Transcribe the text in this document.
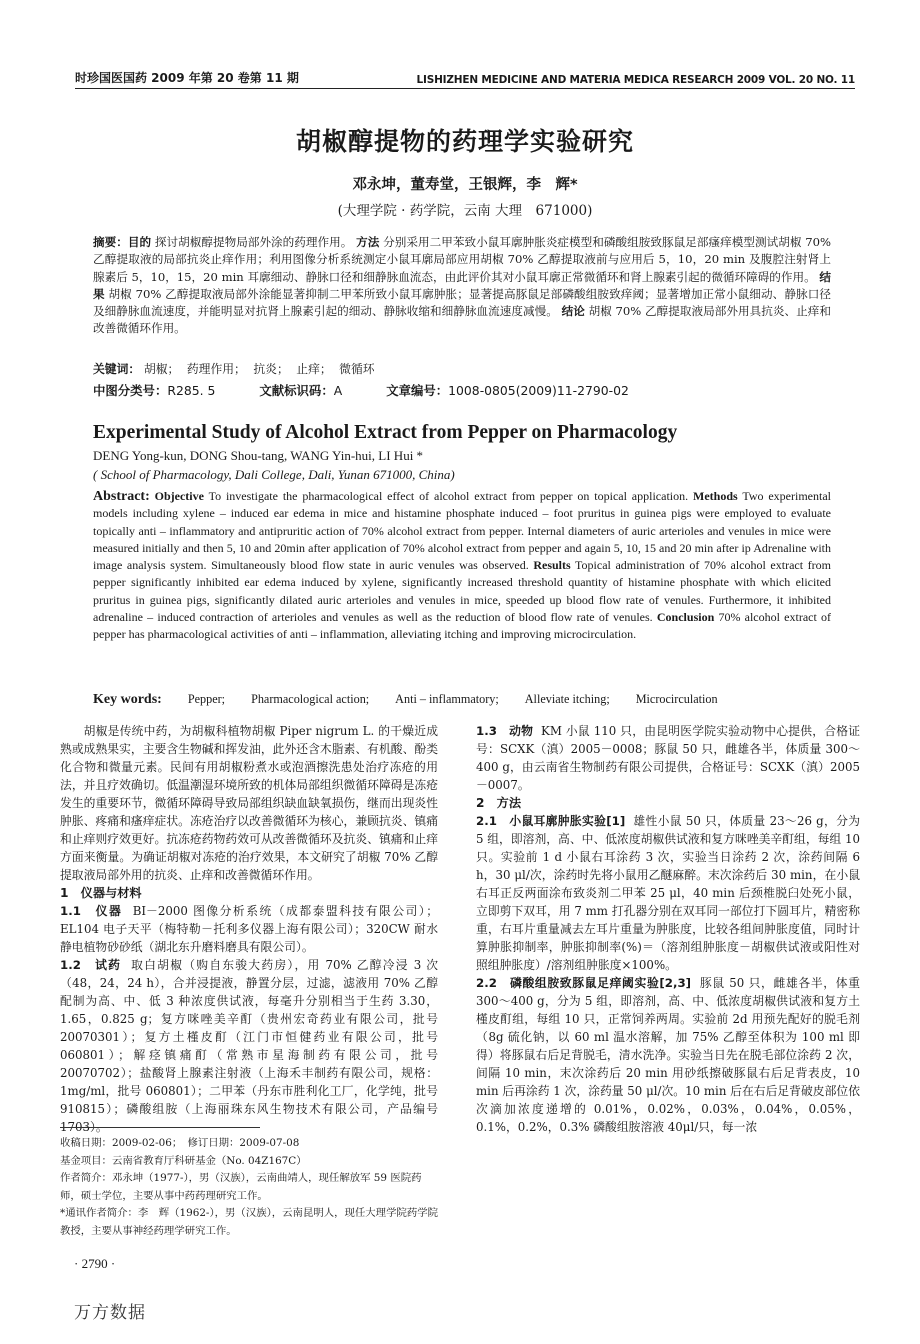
时珍国医国药 2009 年第 20 卷第 11 期	LISHIZHEN MEDICINE AND MATERIA MEDICA RESEARCH 2009 VOL. 20 NO. 11
胡椒醇提物的药理学实验研究
邓永坤，董寿堂，王银辉，李　辉*
(大理学院 · 药学院，云南 大理　671000)
摘要：目的 探讨胡椒醇提物局部外涂的药理作用。 方法 分别采用二甲苯致小鼠耳廓肿胀炎症模型和磷酸组胺致豚鼠足部瘙痒模型测试胡椒 70% 乙醇提取液的局部抗炎止痒作用；利用图像分析系统测定小鼠耳廓局部应用胡椒 70% 乙醇提取液前与应用后 5，10，20 min 及腹腔注射肾上腺素后 5，10，15，20 min 耳廓细动、静脉口径和细静脉血流态，由此评价其对小鼠耳廓正常微循环和肾上腺素引起的微循环障碍的作用。 结果 胡椒 70% 乙醇提取液局部外涂能显著抑制二甲苯所致小鼠耳廓肿胀；显著提高豚鼠足部磷酸组胺致痒阈；显著增加正常小鼠细动、静脉口径及细静脉血流速度，并能明显对抗肾上腺素引起的细动、静脉收缩和细静脉血流速度减慢。 结论 胡椒 70% 乙醇提取液局部外用具抗炎、止痒和改善微循环作用。
关键词： 胡椒； 药理作用； 抗炎； 止痒； 微循环
中图分类号：R285. 5	文献标识码：A	文章编号：1008-0805(2009)11-2790-02
Experimental Study of Alcohol Extract from Pepper on Pharmacology
DENG Yong-kun, DONG Shou-tang, WANG Yin-hui, LI Hui *
( School of Pharmacology, Dali College, Dali, Yunan 671000, China)
Abstract: Objective To investigate the pharmacological effect of alcohol extract from pepper on topical application. Methods Two experimental models including xylene – induced ear edema in mice and histamine phosphate induced – foot pruritus in guinea pigs were employed to evaluate topically anti – inflammatory and antipruritic action of 70% alcohol extract from pepper. Internal diameters of auric arterioles and venules in mice were measured initially and then 5, 10 and 20min after application of 70% alcohol extract from pepper and again 5, 10, 15 and 20 min after ip Adrenaline with image analysis system. Simultaneously blood flow state in auric venules was observed. Results Topical administration of 70% alcohol extract from pepper significantly inhibited ear edema induced by xylene, significantly increased threshold quantity of histamine phosphate with which elicited pruritus in guinea pigs, significantly dilated auric arterioles and venules in mice, speeded up blood flow rate of venules. Furthermore, it inhibited adrenaline – induced contraction of arterioles and venules as well as the reduction of blood flow rate of venules. Conclusion 70% alcohol extract of pepper has pharmacological activities of anti – inflammation, alleviating itching and improving microcirculation.
Key words: Pepper; Pharmacological action; Anti – inflammatory; Alleviate itching; Microcirculation

胡椒是传统中药，为胡椒科植物胡椒 Piper nigrum L. 的干燥近成熟或成熟果实，主要含生物碱和挥发油，此外还含木脂素、有机酸、酚类化合物和微量元素。民间有用胡椒粉煮水或泡酒擦洗患处治疗冻疮的用法，并且疗效确切。低温潮湿环境所致的机体局部组织微循环障碍是冻疮发生的重要环节，微循环障碍导致局部组织缺血缺氧损伤，继而出现炎性肿胀、疼痛和瘙痒症状。冻疮治疗以改善微循环为核心，兼顾抗炎、镇痛和止痒则疗效更好。抗冻疮药物药效可从改善微循环及抗炎、镇痛和止痒方面来衡量。为确证胡椒对冻疮的治疗效果，本文研究了胡椒 70% 乙醇提取液局部外用的抗炎、止痒和改善微循环作用。

1　仪器与材料

1.1　仪器 BI－2000 图像分析系统（成都泰盟科技有限公司）；EL104 电子天平（梅特勒－托利多仪器上海有限公司）；320CW 耐水静电植物砂砂纸（湖北东升磨料磨具有限公司）。

1.2　试药 取白胡椒（购自东骏大药房），用 70% 乙醇冷浸 3 次（48，24，24 h），合并浸提液，静置分层，过滤，滤液用 70% 乙醇配制为高、中、低 3 种浓度供试液，每毫升分别相当于生药 3.30，1.65，0.825 g；复方咪唑美辛酊（贵州宏奇药业有限公司，批号 20070301）；复方土槿皮酊（江门市恒健药业有限公司，批号 060801）；解痉镇痛酊（常熟市星海制药有限公司，批号 20070702）；盐酸肾上腺素注射液（上海禾丰制药有限公司，规格：1mg/ml，批号 060801）；二甲苯（丹东市胜利化工厂，化学纯，批号 910815）；磷酸组胺（上海丽珠东风生物技术有限公司，产品编号 1703）。

1.3　动物 KM 小鼠 110 只，由昆明医学院实验动物中心提供，合格证号：SCXK（滇）2005－0008；豚鼠 50 只，雌雄各半，体质量 300～400 g，由云南省生物制药有限公司提供，合格证号：SCXK（滇）2005－0007。

2　方法

2.1　小鼠耳廓肿胀实验[1] 雄性小鼠 50 只，体质量 23～26 g，分为 5 组，即溶剂，高、中、低浓度胡椒供试液和复方咪唑美辛酊组，每组 10 只。实验前 1 d 小鼠右耳涂药 3 次，实验当日涂药 2 次，涂药间隔 6 h，30 μl/次，涂药时先将小鼠用乙醚麻醉。末次涂药后 30 min，在小鼠右耳正反两面涂布致炎剂二甲苯 25 μl，40 min 后颈椎脱臼处死小鼠，立即剪下双耳，用 7 mm 打孔器分别在双耳同一部位打下圆耳片，精密称重，右耳片重量减去左耳片重量为肿胀度，比较各组间肿胀度值，同时计算肿胀抑制率，肿胀抑制率(%)＝（溶剂组肿胀度－胡椒供试液或阳性对照组肿胀度）/溶剂组肿胀度×100%。

2.2　磷酸组胺致豚鼠足痒阈实验[2,3] 豚鼠 50 只，雌雄各半，体重 300～400 g，分为 5 组，即溶剂，高、中、低浓度胡椒供试液和复方土槿皮酊组，每组 10 只，正常饲养两周。实验前 2d 用预先配好的脱毛剂（8g 硫化钠，以 60 ml 温水溶解，加 75% 乙醇至体积为 100 ml 即得）将豚鼠右后足背脱毛，清水洗净。实验当日先在脱毛部位涂药 2 次，间隔 10 min，末次涂药后 20 min 用砂纸擦破豚鼠右后足背表皮，10 min 后再涂药 1 次，涂药量 50 μl/次。10 min 后在右后足背破皮部位依次滴加浓度递增的 0.01%，0.02%，0.03%，0.04%，0.05%，0.1%，0.2%，0.3% 磷酸组胺溶液 40μl/只，每一浓

收稿日期：2009-02-06；　修订日期：2009-07-08
基金项目：云南省教育厅科研基金（No. 04Z167C）
作者简介：邓永坤（1977-），男（汉族），云南曲靖人，现任解放军 59 医院药师，硕士学位，主要从事中药药理研究工作。
*通讯作者简介：李　辉（1962-），男（汉族），云南昆明人，现任大理学院药学院教授，主要从事神经药理学研究工作。
· 2790 ·
万方数据
